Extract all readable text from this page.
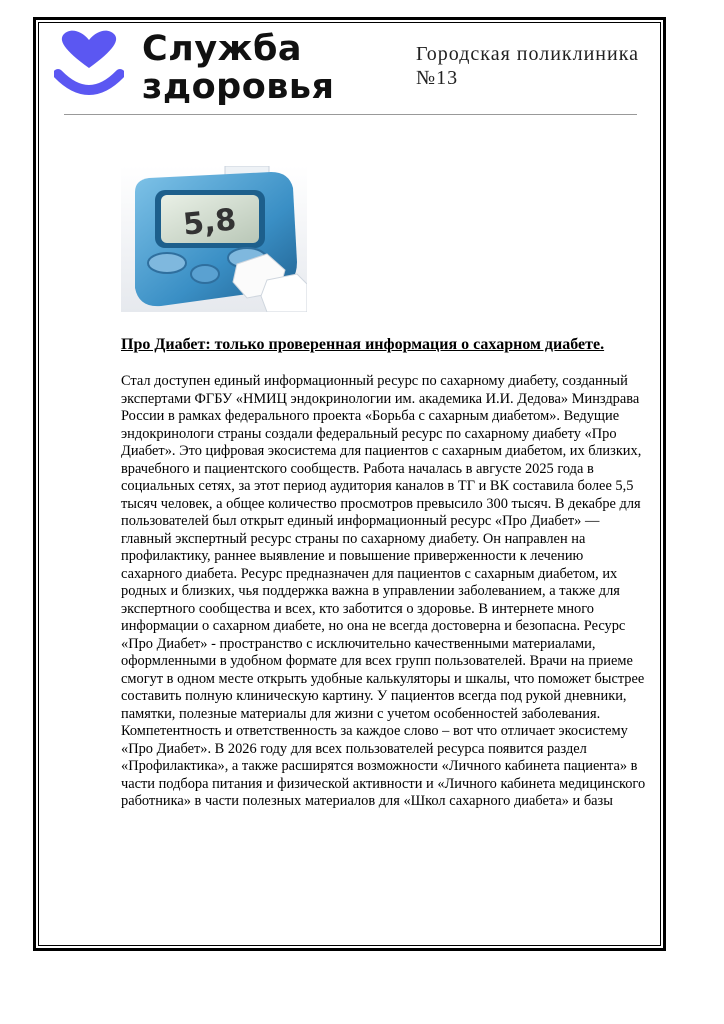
Служба
здоровья
Городская поликлиника
№13
5,8
Про Диабет: только проверенная информация о сахарном диабете.
Стал доступен единый информационный ресурс по сахарному диабету, созданный
экспертами ФГБУ «НМИЦ эндокринологии им. академика И.И. Дедова» Минздрава
России в рамках федерального проекта «Борьба с сахарным диабетом». Ведущие
эндокринологи страны создали федеральный ресурс по сахарному диабету «Про
Диабет». Это цифровая экосистема для пациентов с сахарным диабетом, их близких,
врачебного и пациентского сообществ. Работа началась в августе 2025 года в
социальных сетях, за этот период аудитория каналов в ТГ и ВК составила более 5,5
тысяч человек, а общее количество просмотров превысило 300 тысяч. В декабре для
пользователей был открыт единый информационный ресурс «Про Диабет» —
главный экспертный ресурс страны по сахарному диабету. Он направлен на
профилактику, раннее выявление и повышение приверженности к лечению
сахарного диабета. Ресурс предназначен для пациентов с сахарным диабетом, их
родных и близких, чья поддержка важна в управлении заболеванием, а также для
экспертного сообщества и всех, кто заботится о здоровье. В интернете много
информации о сахарном диабете, но она не всегда достоверна и безопасна. Ресурс
«Про Диабет» - пространство с исключительно качественными материалами,
оформленными в удобном формате для всех групп пользователей. Врачи на приеме
смогут в одном месте открыть удобные калькуляторы и шкалы, что поможет быстрее
составить полную клиническую картину. У пациентов всегда под рукой дневники,
памятки, полезные материалы для жизни с учетом особенностей заболевания.
Компетентность и ответственность за каждое слово – вот что отличает экосистему
«Про Диабет». В 2026 году для всех пользователей ресурса появится раздел
«Профилактика», а также расширятся возможности «Личного кабинета пациента» в
части подбора питания и физической активности и «Личного кабинета медицинского
работника» в части полезных материалов для «Школ сахарного диабета» и базы
